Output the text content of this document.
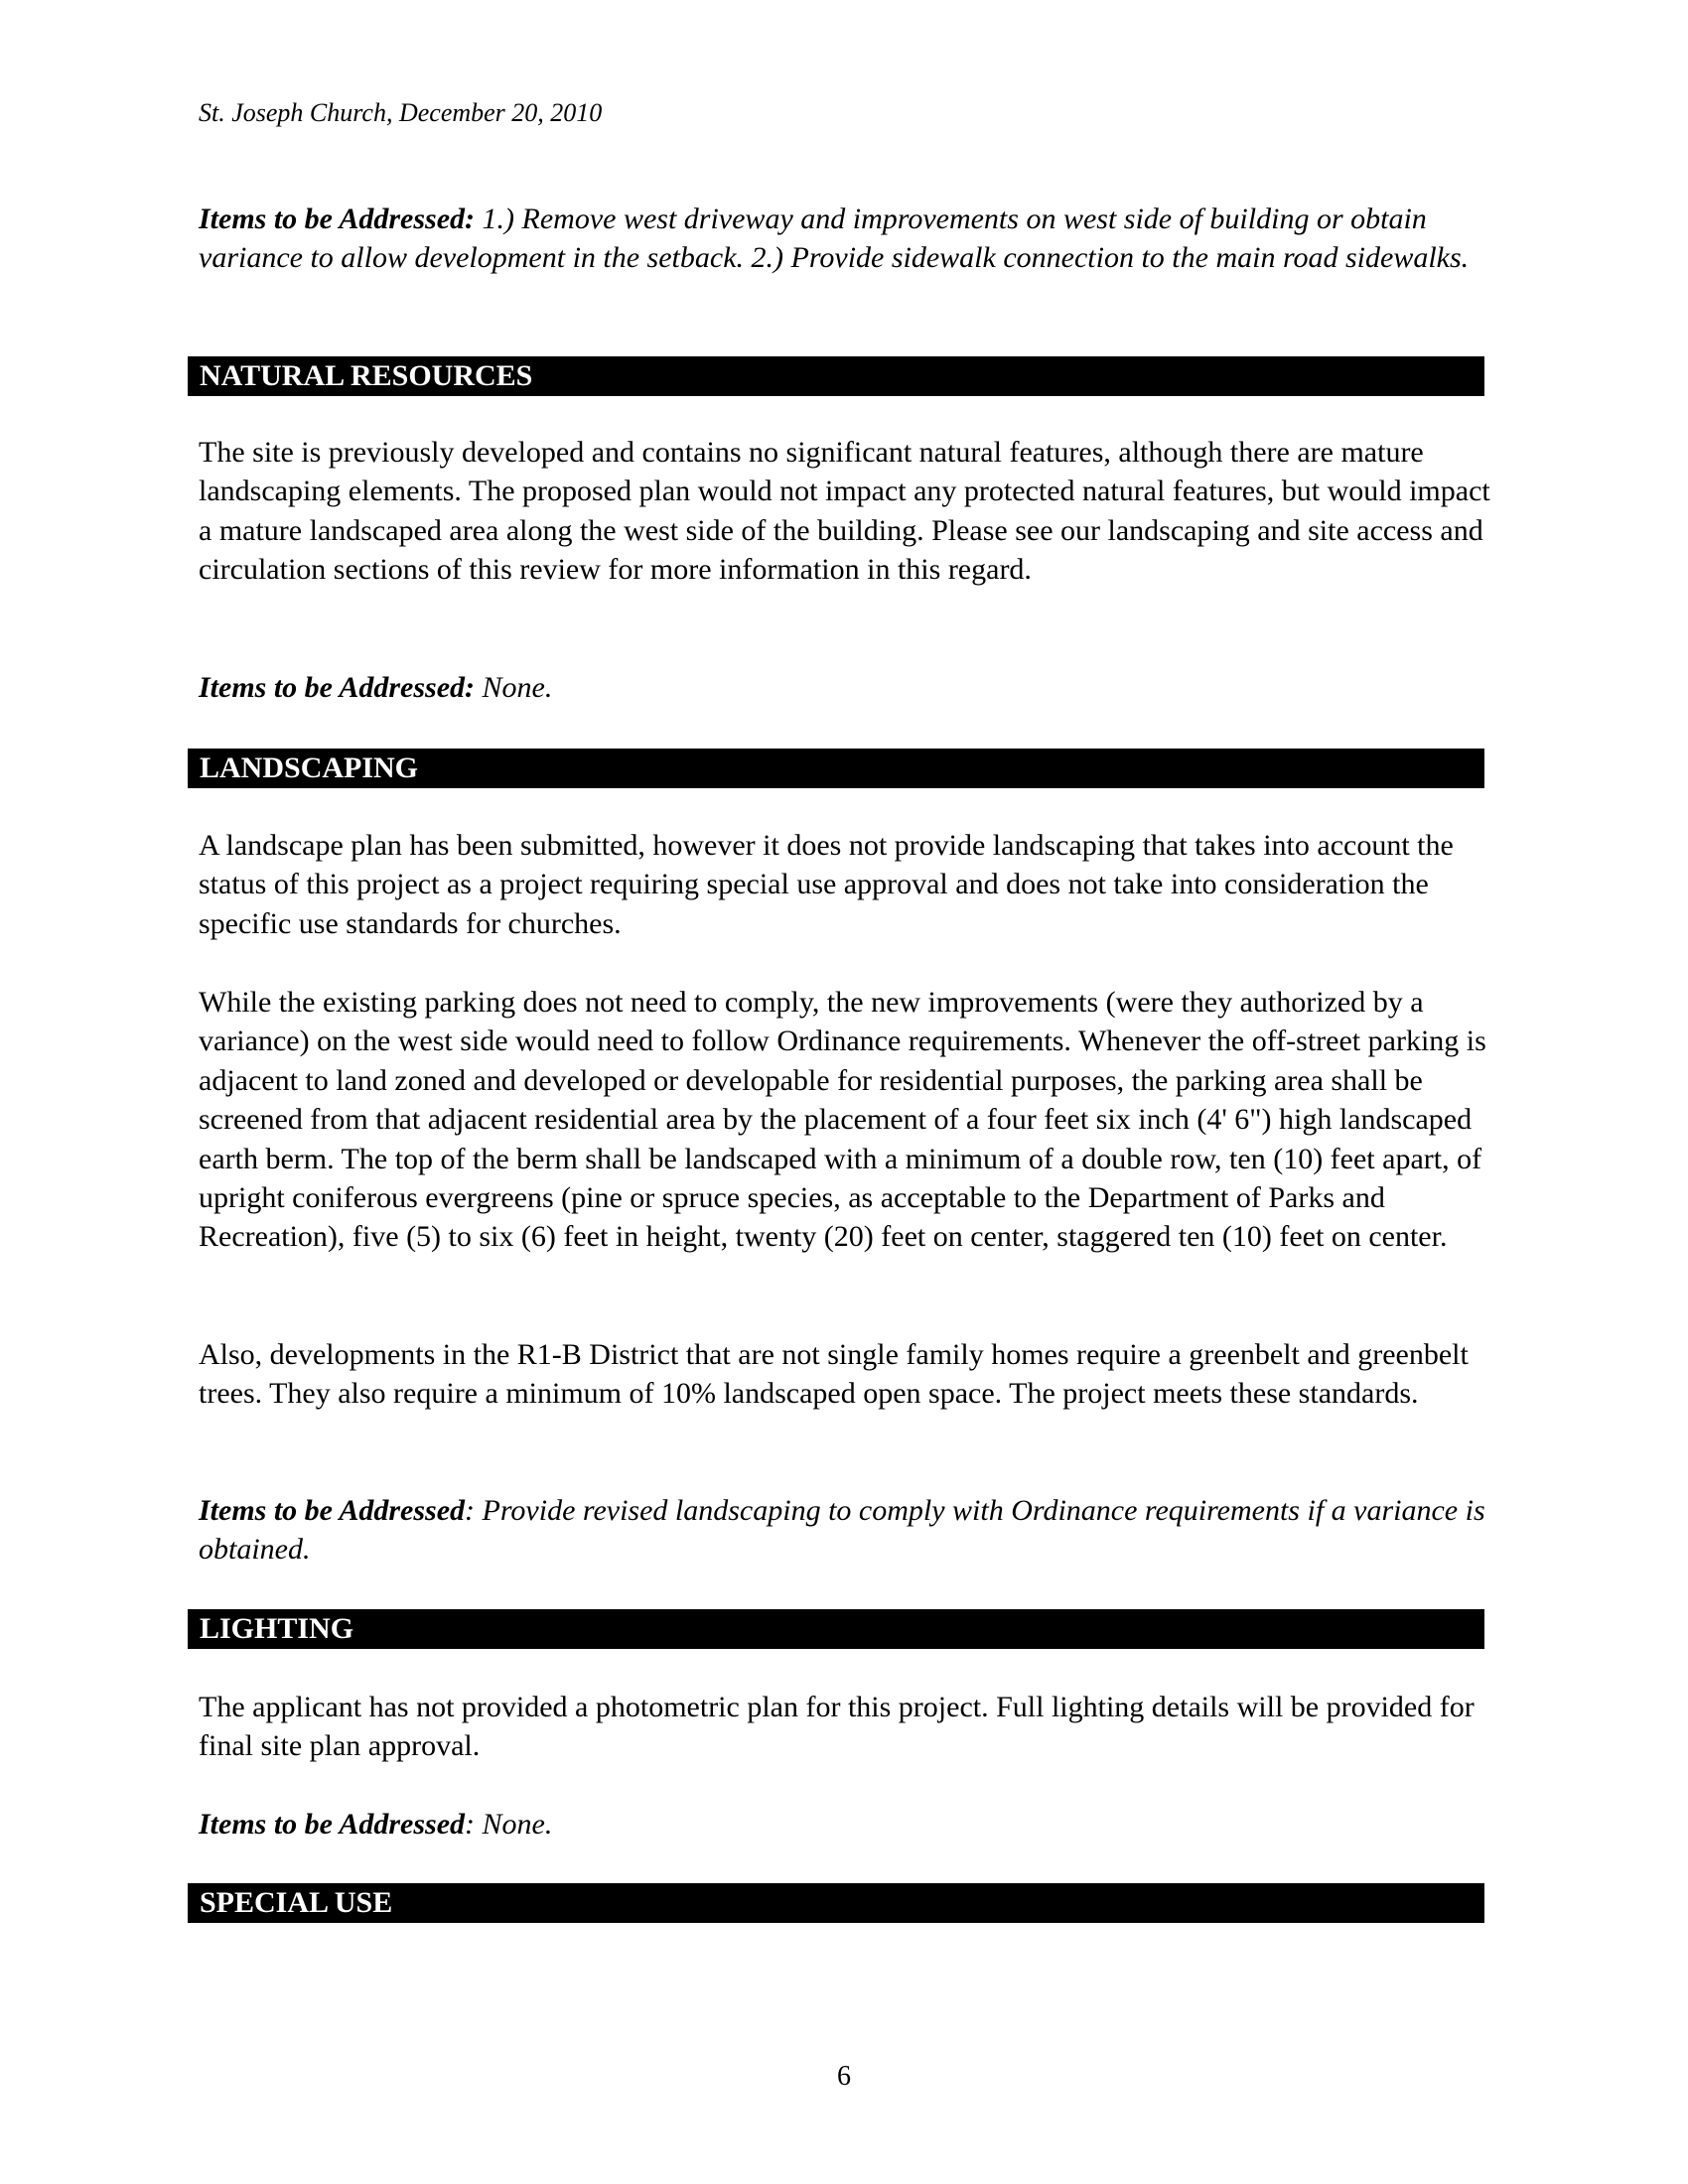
St. Joseph Church, December 20, 2010

Items to be Addressed: 1.) Remove west driveway and improvements on west side of building or obtain variance to allow development in the setback. 2.) Provide sidewalk connection to the main road sidewalks.

NATURAL RESOURCES

The site is previously developed and contains no significant natural features, although there are mature landscaping elements. The proposed plan would not impact any protected natural features, but would impact a mature landscaped area along the west side of the building. Please see our landscaping and site access and circulation sections of this review for more information in this regard.

Items to be Addressed: None.

LANDSCAPING

A landscape plan has been submitted, however it does not provide landscaping that takes into account the status of this project as a project requiring special use approval and does not take into consideration the specific use standards for churches.

While the existing parking does not need to comply, the new improvements (were they authorized by a variance) on the west side would need to follow Ordinance requirements. Whenever the off-street parking is adjacent to land zoned and developed or developable for residential purposes, the parking area shall be screened from that adjacent residential area by the placement of a four feet six inch (4' 6") high landscaped earth berm. The top of the berm shall be landscaped with a minimum of a double row, ten (10) feet apart, of upright coniferous evergreens (pine or spruce species, as acceptable to the Department of Parks and Recreation), five (5) to six (6) feet in height, twenty (20) feet on center, staggered ten (10) feet on center.

Also, developments in the R1-B District that are not single family homes require a greenbelt and greenbelt trees. They also require a minimum of 10% landscaped open space. The project meets these standards.

Items to be Addressed: Provide revised landscaping to comply with Ordinance requirements if a variance is obtained.

LIGHTING

The applicant has not provided a photometric plan for this project. Full lighting details will be provided for final site plan approval.

Items to be Addressed: None.

SPECIAL USE
6
